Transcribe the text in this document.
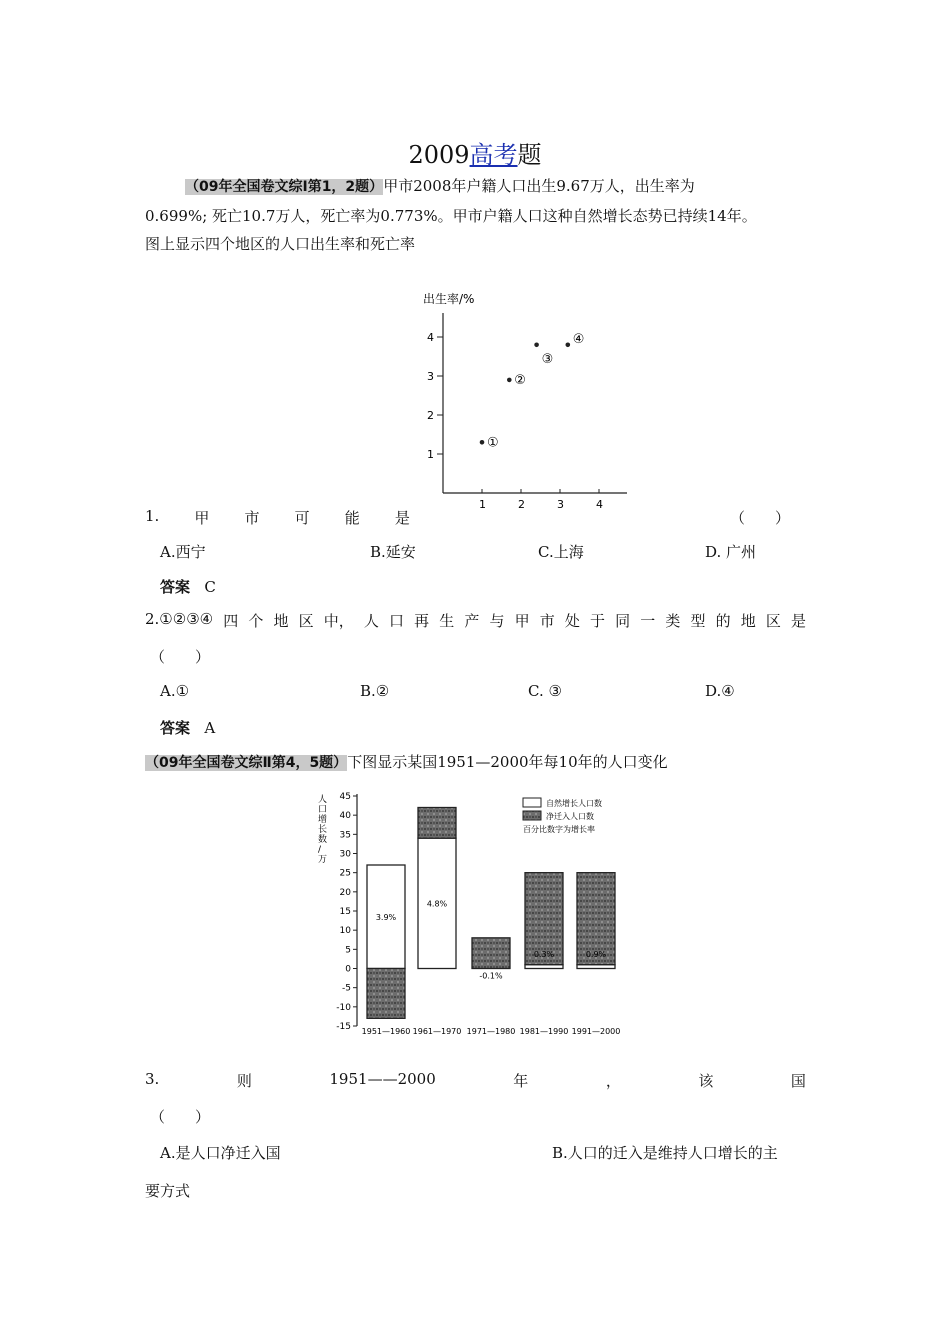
2009高考题
（09年全国卷文综Ⅰ第1，2题）甲市2008年户籍人口出生9.67万人，出生率为
0.699%; 死亡10.7万人，死亡率为0.773%。甲市户籍人口这种自然增长态势已持续14年。
图上显示四个地区的人口出生率和死亡率
出生率/%
1
2
3
4
1	2	3	4
①
②
③
④
1. 甲 市 可 能 是	（　　）
A.西宁	B.延安	C.上海	D. 广州
答案 C
2.①②③④ 四 个 地 区 中， 人 口 再 生 产 与 甲 市 处 于 同 一 类 型 的 地 区 是
（　　）
A.①	B.②	C. ③	D.④
答案 A
（09年全国卷文综Ⅱ第4，5题）下图显示某国1951—2000年每10年的人口变化
人
口
增
长
数
/
万
45
40
35
30
25
20
15
10
5
0
-5
-10
-15
3.9%
1951—1960
4.8%
1961—1970
-0.1%
1971—1980
0.3%
1981—1990
0.9%
1991—2000
自然增长人口数
净迁入人口数
百分比数字为增长率
3.	则	1951——2000	年	，	该	国
（　　）
A.是人口净迁入国	B.人口的迁入是维持人口增长的主
要方式
